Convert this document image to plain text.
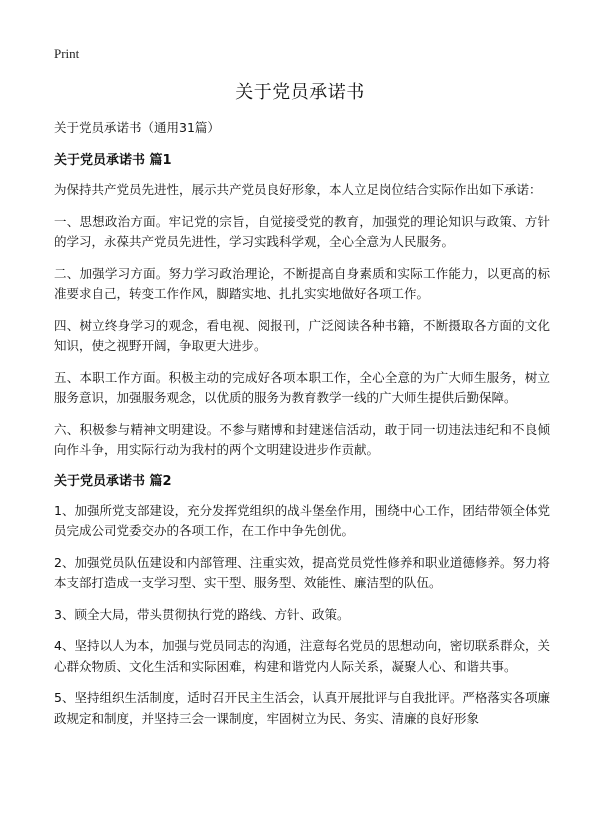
Print
关于党员承诺书

关于党员承诺书（通用31篇）

关于党员承诺书 篇1

为保持共产党员先进性，展示共产党员良好形象，本人立足岗位结合实际作出如下承诺：

一、思想政治方面。牢记党的宗旨，自觉接受党的教育，加强党的理论知识与政策、方针的学习，永葆共产党员先进性，学习实践科学观，全心全意为人民服务。

二、加强学习方面。努力学习政治理论，不断提高自身素质和实际工作能力，以更高的标准要求自己，转变工作作风，脚踏实地、扎扎实实地做好各项工作。

四、树立终身学习的观念，看电视、阅报刊，广泛阅读各种书籍，不断摄取各方面的文化知识，使之视野开阔，争取更大进步。

五、本职工作方面。积极主动的完成好各项本职工作，全心全意的为广大师生服务，树立服务意识，加强服务观念，以优质的服务为教育教学一线的广大师生提供后勤保障。

六、积极参与精神文明建设。不参与赌博和封建迷信活动，敢于同一切违法违纪和不良倾向作斗争，用实际行动为我村的两个文明建设进步作贡献。

关于党员承诺书 篇2

1、加强所党支部建设，充分发挥党组织的战斗堡垒作用，围绕中心工作，团结带领全体党员完成公司党委交办的各项工作，在工作中争先创优。

2、加强党员队伍建设和内部管理、注重实效，提高党员党性修养和职业道德修养。努力将本支部打造成一支学习型、实干型、服务型、效能性、廉洁型的队伍。

3、顾全大局，带头贯彻执行党的路线、方针、政策。

4、坚持以人为本，加强与党员同志的沟通，注意每名党员的思想动向，密切联系群众，关心群众物质、文化生活和实际困难，构建和谐党内人际关系，凝聚人心、和谐共事。

5、坚持组织生活制度，适时召开民主生活会，认真开展批评与自我批评。严格落实各项廉政规定和制度，并坚持三会一课制度，牢固树立为民、务实、清廉的良好形象
